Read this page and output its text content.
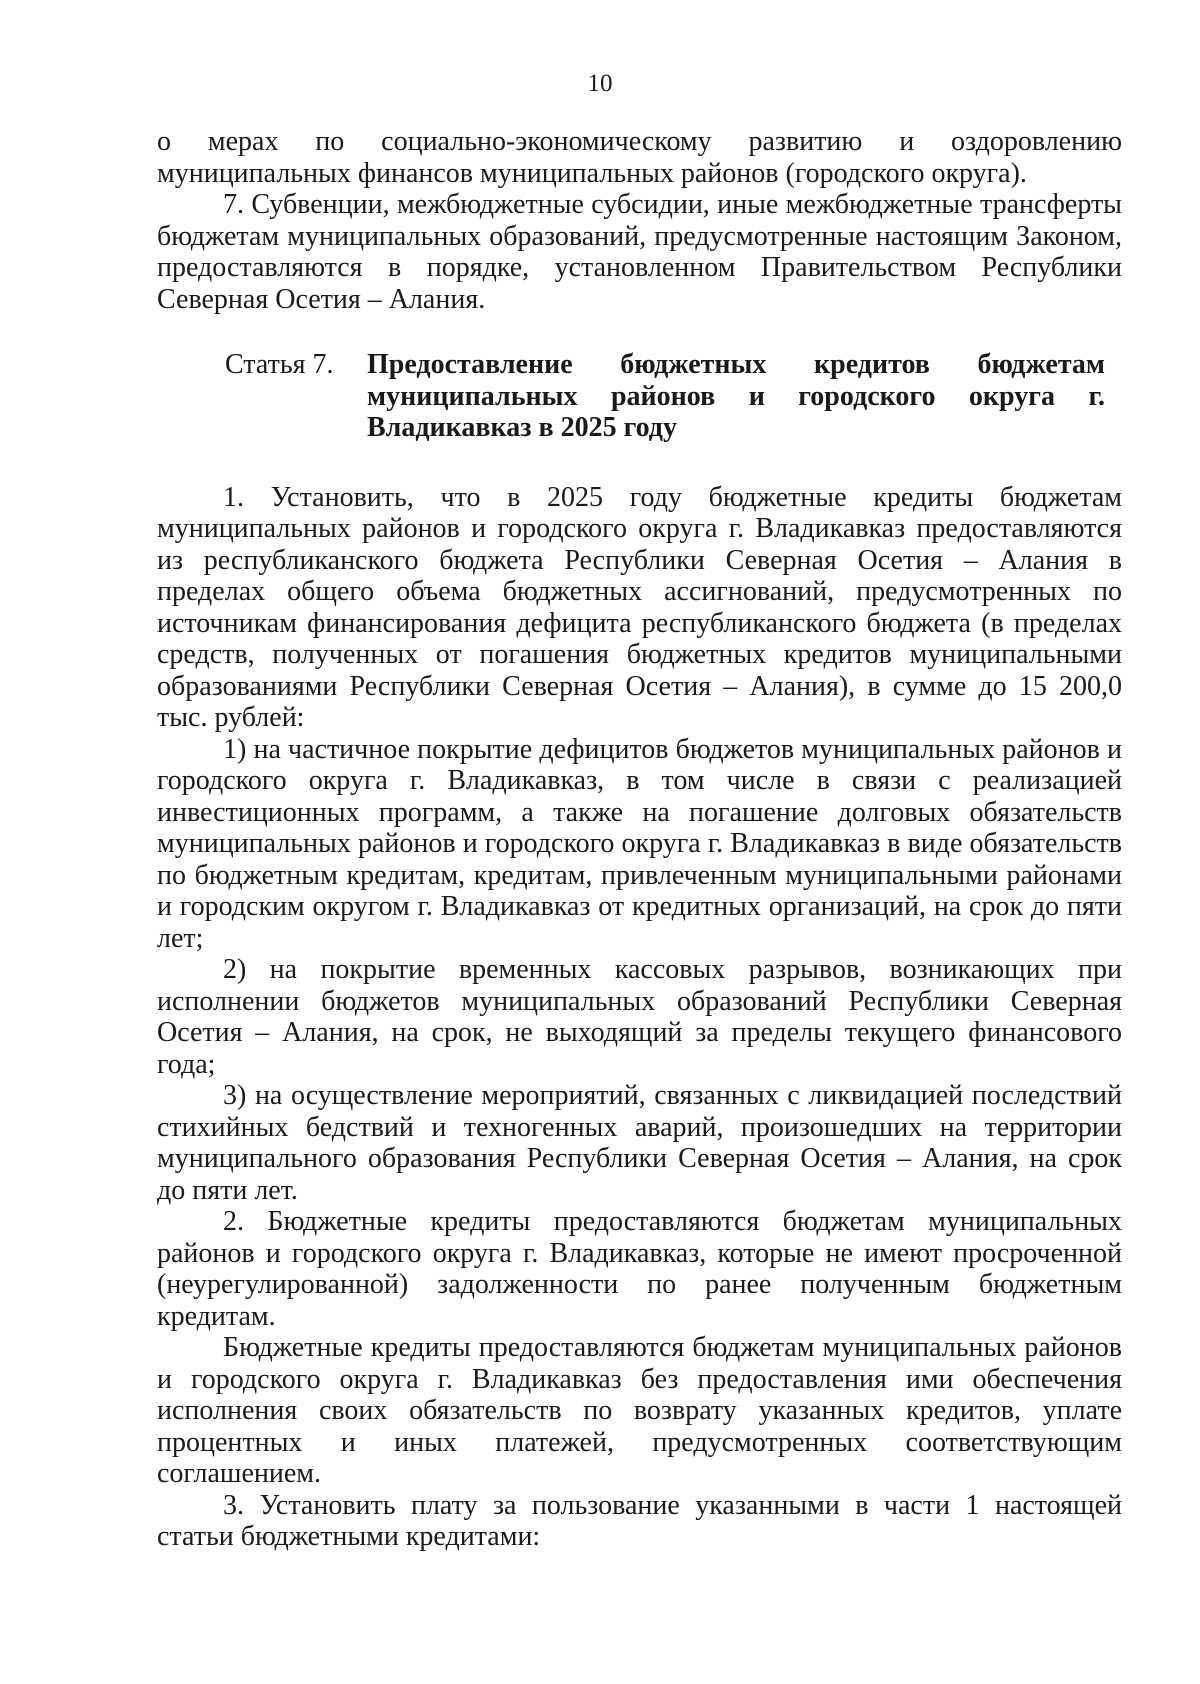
10

о мерах по социально-экономическому развитию и оздоровлению муниципальных финансов муниципальных районов (городского округа).

7. Субвенции, межбюджетные субсидии, иные межбюджетные трансферты бюджетам муниципальных образований, предусмотренные настоящим Законом, предоставляются в порядке, установленном Правительством Республики Северная Осетия – Алания.

Статья 7.	Предоставление бюджетных кредитов бюджетам муниципальных районов и городского округа г. Владикавказ в 2025 году

1. Установить, что в 2025 году бюджетные кредиты бюджетам муниципальных районов и городского округа г. Владикавказ предоставляются из республиканского бюджета Республики Северная Осетия – Алания в пределах общего объема бюджетных ассигнований, предусмотренных по источникам финансирования дефицита республиканского бюджета (в пределах средств, полученных от погашения бюджетных кредитов муниципальными образованиями Республики Северная Осетия – Алания), в сумме до 15 200,0 тыс. рублей:

1) на частичное покрытие дефицитов бюджетов муниципальных районов и городского округа г. Владикавказ, в том числе в связи с реализацией инвестиционных программ, а также на погашение долговых обязательств муниципальных районов и городского округа г. Владикавказ в виде обязательств по бюджетным кредитам, кредитам, привлеченным муниципальными районами и городским округом г. Владикавказ от кредитных организаций, на срок до пяти лет;

2) на покрытие временных кассовых разрывов, возникающих при исполнении бюджетов муниципальных образований Республики Северная Осетия – Алания, на срок, не выходящий за пределы текущего финансового года;

3) на осуществление мероприятий, связанных с ликвидацией последствий стихийных бедствий и техногенных аварий, произошедших на территории муниципального образования Республики Северная Осетия – Алания, на срок до пяти лет.

2. Бюджетные кредиты предоставляются бюджетам муниципальных районов и городского округа г. Владикавказ, которые не имеют просроченной (неурегулированной) задолженности по ранее полученным бюджетным кредитам.

Бюджетные кредиты предоставляются бюджетам муниципальных районов и городского округа г. Владикавказ без предоставления ими обеспечения исполнения своих обязательств по возврату указанных кредитов, уплате процентных и иных платежей, предусмотренных соответствующим соглашением.

3. Установить плату за пользование указанными в части 1 настоящей статьи бюджетными кредитами:
